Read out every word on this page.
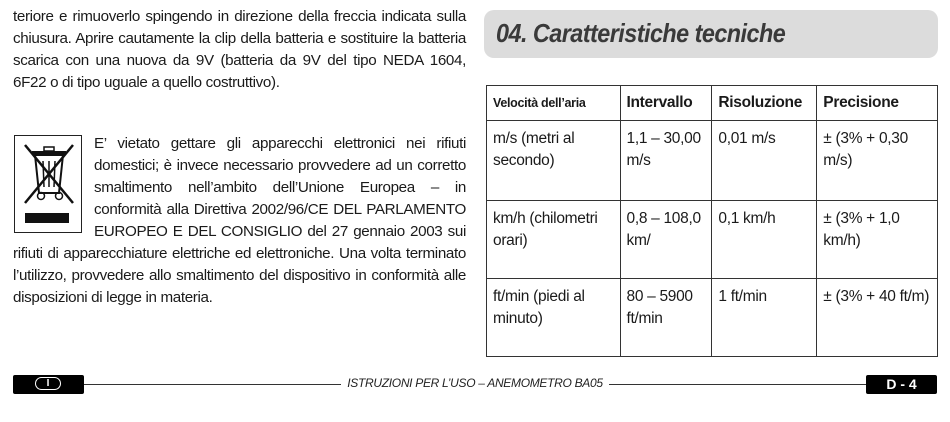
teriore e rimuoverlo spingendo in direzione della freccia indicata sulla chiusura. Aprire cautamente la clip della batteria e sostituire la batteria scarica con una nuova da 9V (batteria da 9V del tipo NEDA 1604, 6F22 o di tipo uguale a quello costruttivo).

E’ vietato gettare gli apparecchi elettronici nei rifiuti domestici; è invece necessario provvedere ad un corretto smaltimento nell’ambito dell’Unione Europea – in conformità alla Direttiva 2002/96/CE DEL PARLAMENTO EUROPEO E DEL CONSIGLIO del 27 gennaio 2003 sui rifiuti di apparecchiature elettriche ed elettroniche. Una volta terminato l’utilizzo, provvedere allo smaltimento del dispositivo in conformità alle disposizioni di legge in materia.

04. Caratteristiche tecniche
Velocità dell’aria	Intervallo	Risoluzione	Precisione
m/s (metri al secondo)	1,1 – 30,00 m/s	0,01 m/s	± (3% + 0,30 m/s)
km/h (chilometri orari)	0,8 – 108,0 km/	0,1 km/h	± (3% + 1,0 km/h)
ft/min (piedi al minuto)	80 – 5900 ft/min	1 ft/min	± (3% + 40 ft/m)
I	ISTRUZIONI PER L’USO – ANEMOMETRO BA05	D - 4
